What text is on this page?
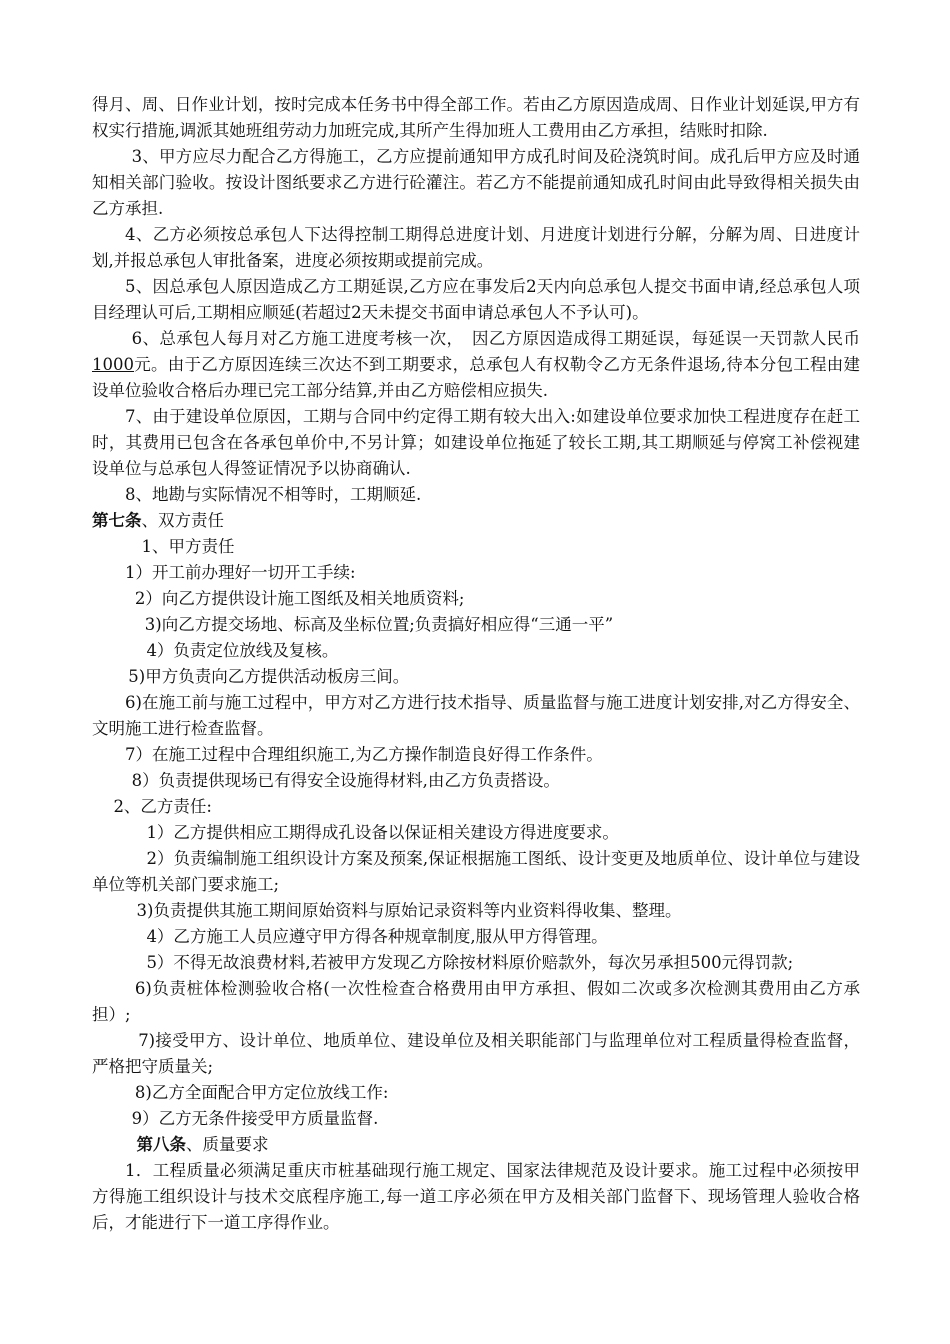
得月、周、日作业计划，按时完成本任务书中得全部工作。若由乙方原因造成周、日作业计划延误,甲方有权实行措施,调派其她班组劳动力加班完成,其所产生得加班人工费用由乙方承担，结账时扣除.

3、甲方应尽力配合乙方得施工，乙方应提前通知甲方成孔时间及砼浇筑时间。成孔后甲方应及时通知相关部门验收。按设计图纸要求乙方进行砼灌注。若乙方不能提前通知成孔时间由此导致得相关损失由乙方承担.

4、乙方必须按总承包人下达得控制工期得总进度计划、月进度计划进行分解，分解为周、日进度计划,并报总承包人审批备案，进度必须按期或提前完成。

5、因总承包人原因造成乙方工期延误,乙方应在事发后2天内向总承包人提交书面申请,经总承包人项目经理认可后,工期相应顺延(若超过2天未提交书面申请总承包人不予认可)。

6、总承包人每月对乙方施工进度考核一次，　因乙方原因造成得工期延误，每延误一天罚款人民币1000元。由于乙方原因连续三次达不到工期要求，总承包人有权勒令乙方无条件退场,待本分包工程由建设单位验收合格后办理已完工部分结算,并由乙方赔偿相应损失.

7、由于建设单位原因，工期与合同中约定得工期有较大出入:如建设单位要求加快工程进度存在赶工时，其费用已包含在各承包单价中,不另计算；如建设单位拖延了较长工期,其工期顺延与停窝工补偿视建设单位与总承包人得签证情况予以协商确认.

8、地勘与实际情况不相等时，工期顺延.

第七条、双方责任

1、甲方责任

1）开工前办理好一切开工手续:

2）向乙方提供设计施工图纸及相关地质资料;

3)向乙方提交场地、标高及坐标位置;负责搞好相应得“三通一平”

4）负责定位放线及复核。

5)甲方负责向乙方提供活动板房三间。

6)在施工前与施工过程中，甲方对乙方进行技术指导、质量监督与施工进度计划安排,对乙方得安全、文明施工进行检查监督。

7）在施工过程中合理组织施工,为乙方操作制造良好得工作条件。

8）负责提供现场已有得安全设施得材料,由乙方负责搭设。

2、乙方责任:

1）乙方提供相应工期得成孔设备以保证相关建设方得进度要求。

2）负责编制施工组织设计方案及预案,保证根据施工图纸、设计变更及地质单位、设计单位与建设单位等机关部门要求施工;

3)负责提供其施工期间原始资料与原始记录资料等内业资料得收集、整理。

4）乙方施工人员应遵守甲方得各种规章制度,服从甲方得管理。

5）不得无故浪费材料,若被甲方发现乙方除按材料原价赔款外，每次另承担500元得罚款;

6)负责桩体检测验收合格(一次性检查合格费用由甲方承担、假如二次或多次检测其费用由乙方承担）;

7)接受甲方、设计单位、地质单位、建设单位及相关职能部门与监理单位对工程质量得检查监督，严格把守质量关;

8)乙方全面配合甲方定位放线工作:

9）乙方无条件接受甲方质量监督.

第八条、质量要求

1．工程质量必须满足重庆市桩基础现行施工规定、国家法律规范及设计要求。施工过程中必须按甲方得施工组织设计与技术交底程序施工,每一道工序必须在甲方及相关部门监督下、现场管理人验收合格后，才能进行下一道工序得作业。
